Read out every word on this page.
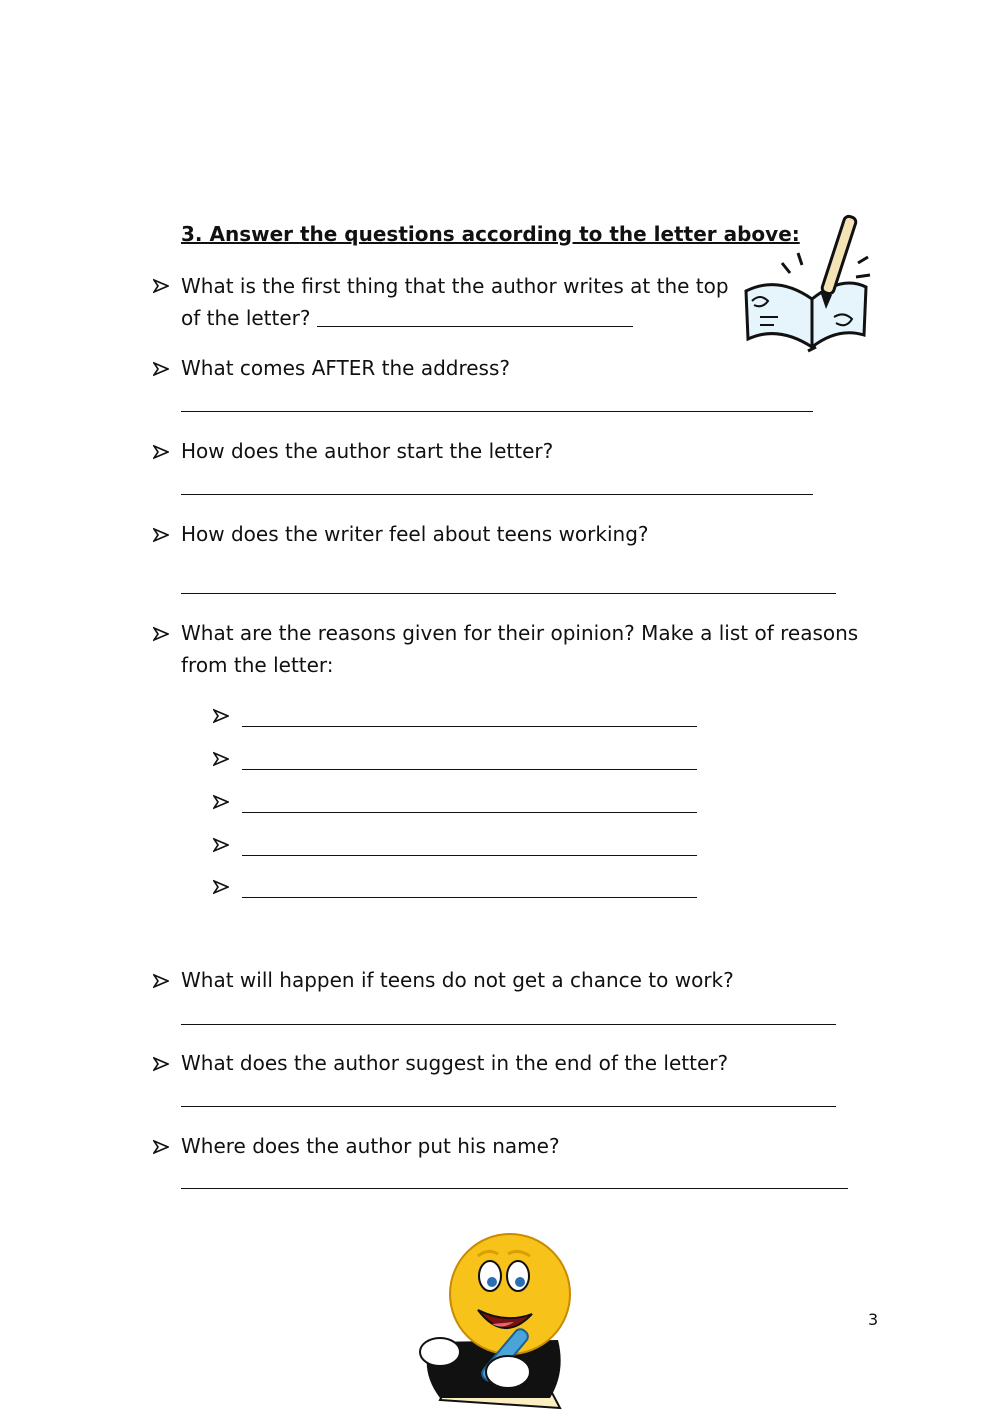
3. Answer the questions according to the letter above:
What is the first thing that the author writes at the top
of the letter?
What comes AFTER the address?
How does the author start the letter?
How does the writer feel about teens working?
What are the reasons given for their opinion? Make a list of reasons
from the letter:
What will happen if teens do not get a chance to work?
What does the author suggest in the end of the letter?
Where does the author put his name?
3
